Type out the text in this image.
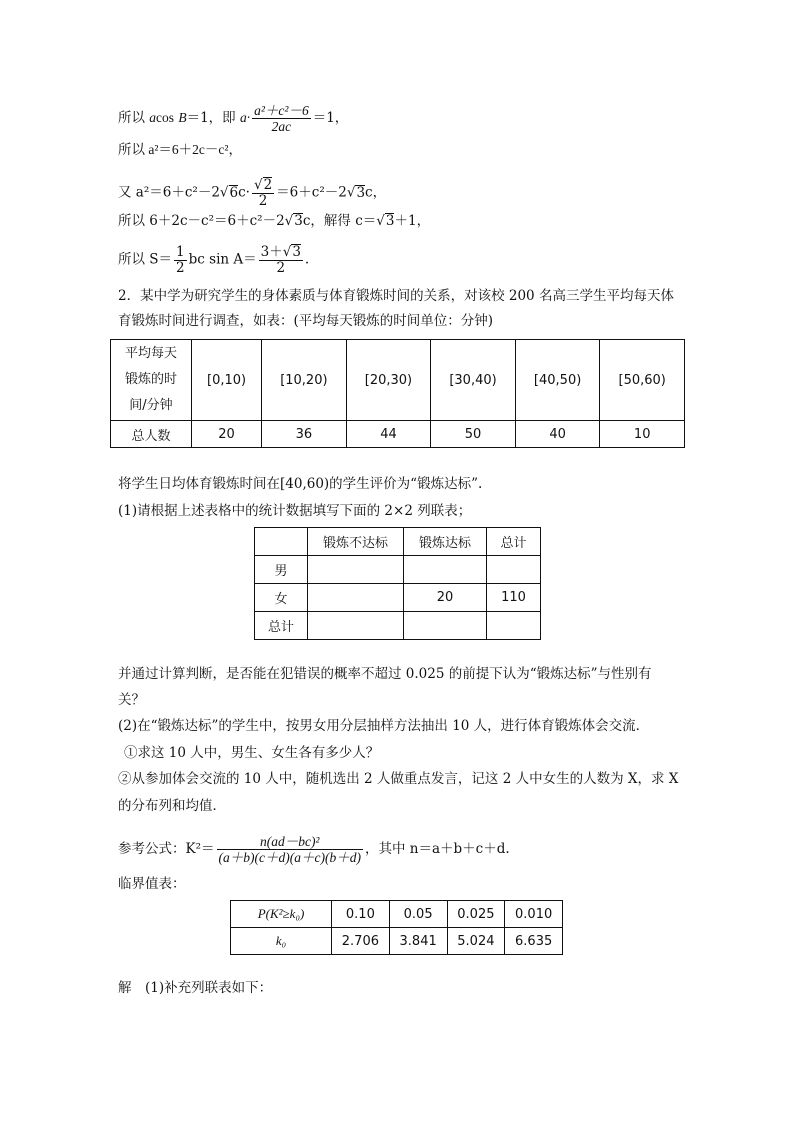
所以 acos B＝1，即 $a\cdot \frac{\text{a²＋c²－6}}{2ac} =1$，
所以 a²＝6＋2c－c²，
又 $a^2=6+c^2-2√6c\cdot \frac{√2}{2} =6+c^2-2√3c$，
所以 6＋2c－c²＝6＋c²－2√3c，解得 c＝√3＋1，
所以 $S= \frac{1}{2}$ bc $\sin A= \frac{3+√3}{2}$ .
2．某中学为研究学生的身体素质与体育锻炼时间的关系，对该校 200 名高三学生平均每天体
育锻炼时间进行调查，如表：(平均每天锻炼的时间单位：分钟)
平均每天
锻炼的时
间/分钟	[0,10)	[10,20)	[20,30)	[30,40)	[40,50)	[50,60)
总人数	20	36	44	50	40	10
将学生日均体育锻炼时间在[40,60)的学生评价为“锻炼达标”.
(1)请根据上述表格中的统计数据填写下面的 2×2 列联表；
	锻炼不达标	锻炼达标	总计
男			
女		20	110
总计			
并通过计算判断，是否能在犯错误的概率不超过 0.025 的前提下认为“锻炼达标”与性别有
关？
(2)在“锻炼达标”的学生中，按男女用分层抽样方法抽出 10 人，进行体育锻炼体会交流．
①求这 10 人中，男生、女生各有多少人？
②从参加体会交流的 10 人中，随机选出 2 人做重点发言，记这 2 人中女生的人数为 X，求 X
的分布列和均值．
参考公式：$K^2= \frac{\text{n(ad－bc)²}}{(a+b)(c+d)(a+c)(b+d)}$ ，其中 n＝a＋b＋c＋d.
临界值表：
P(K²≥k₀)	0.10	0.05	0.025	0.010
k₀	2.706	3.841	5.024	6.635
解　(1)补充列联表如下：
